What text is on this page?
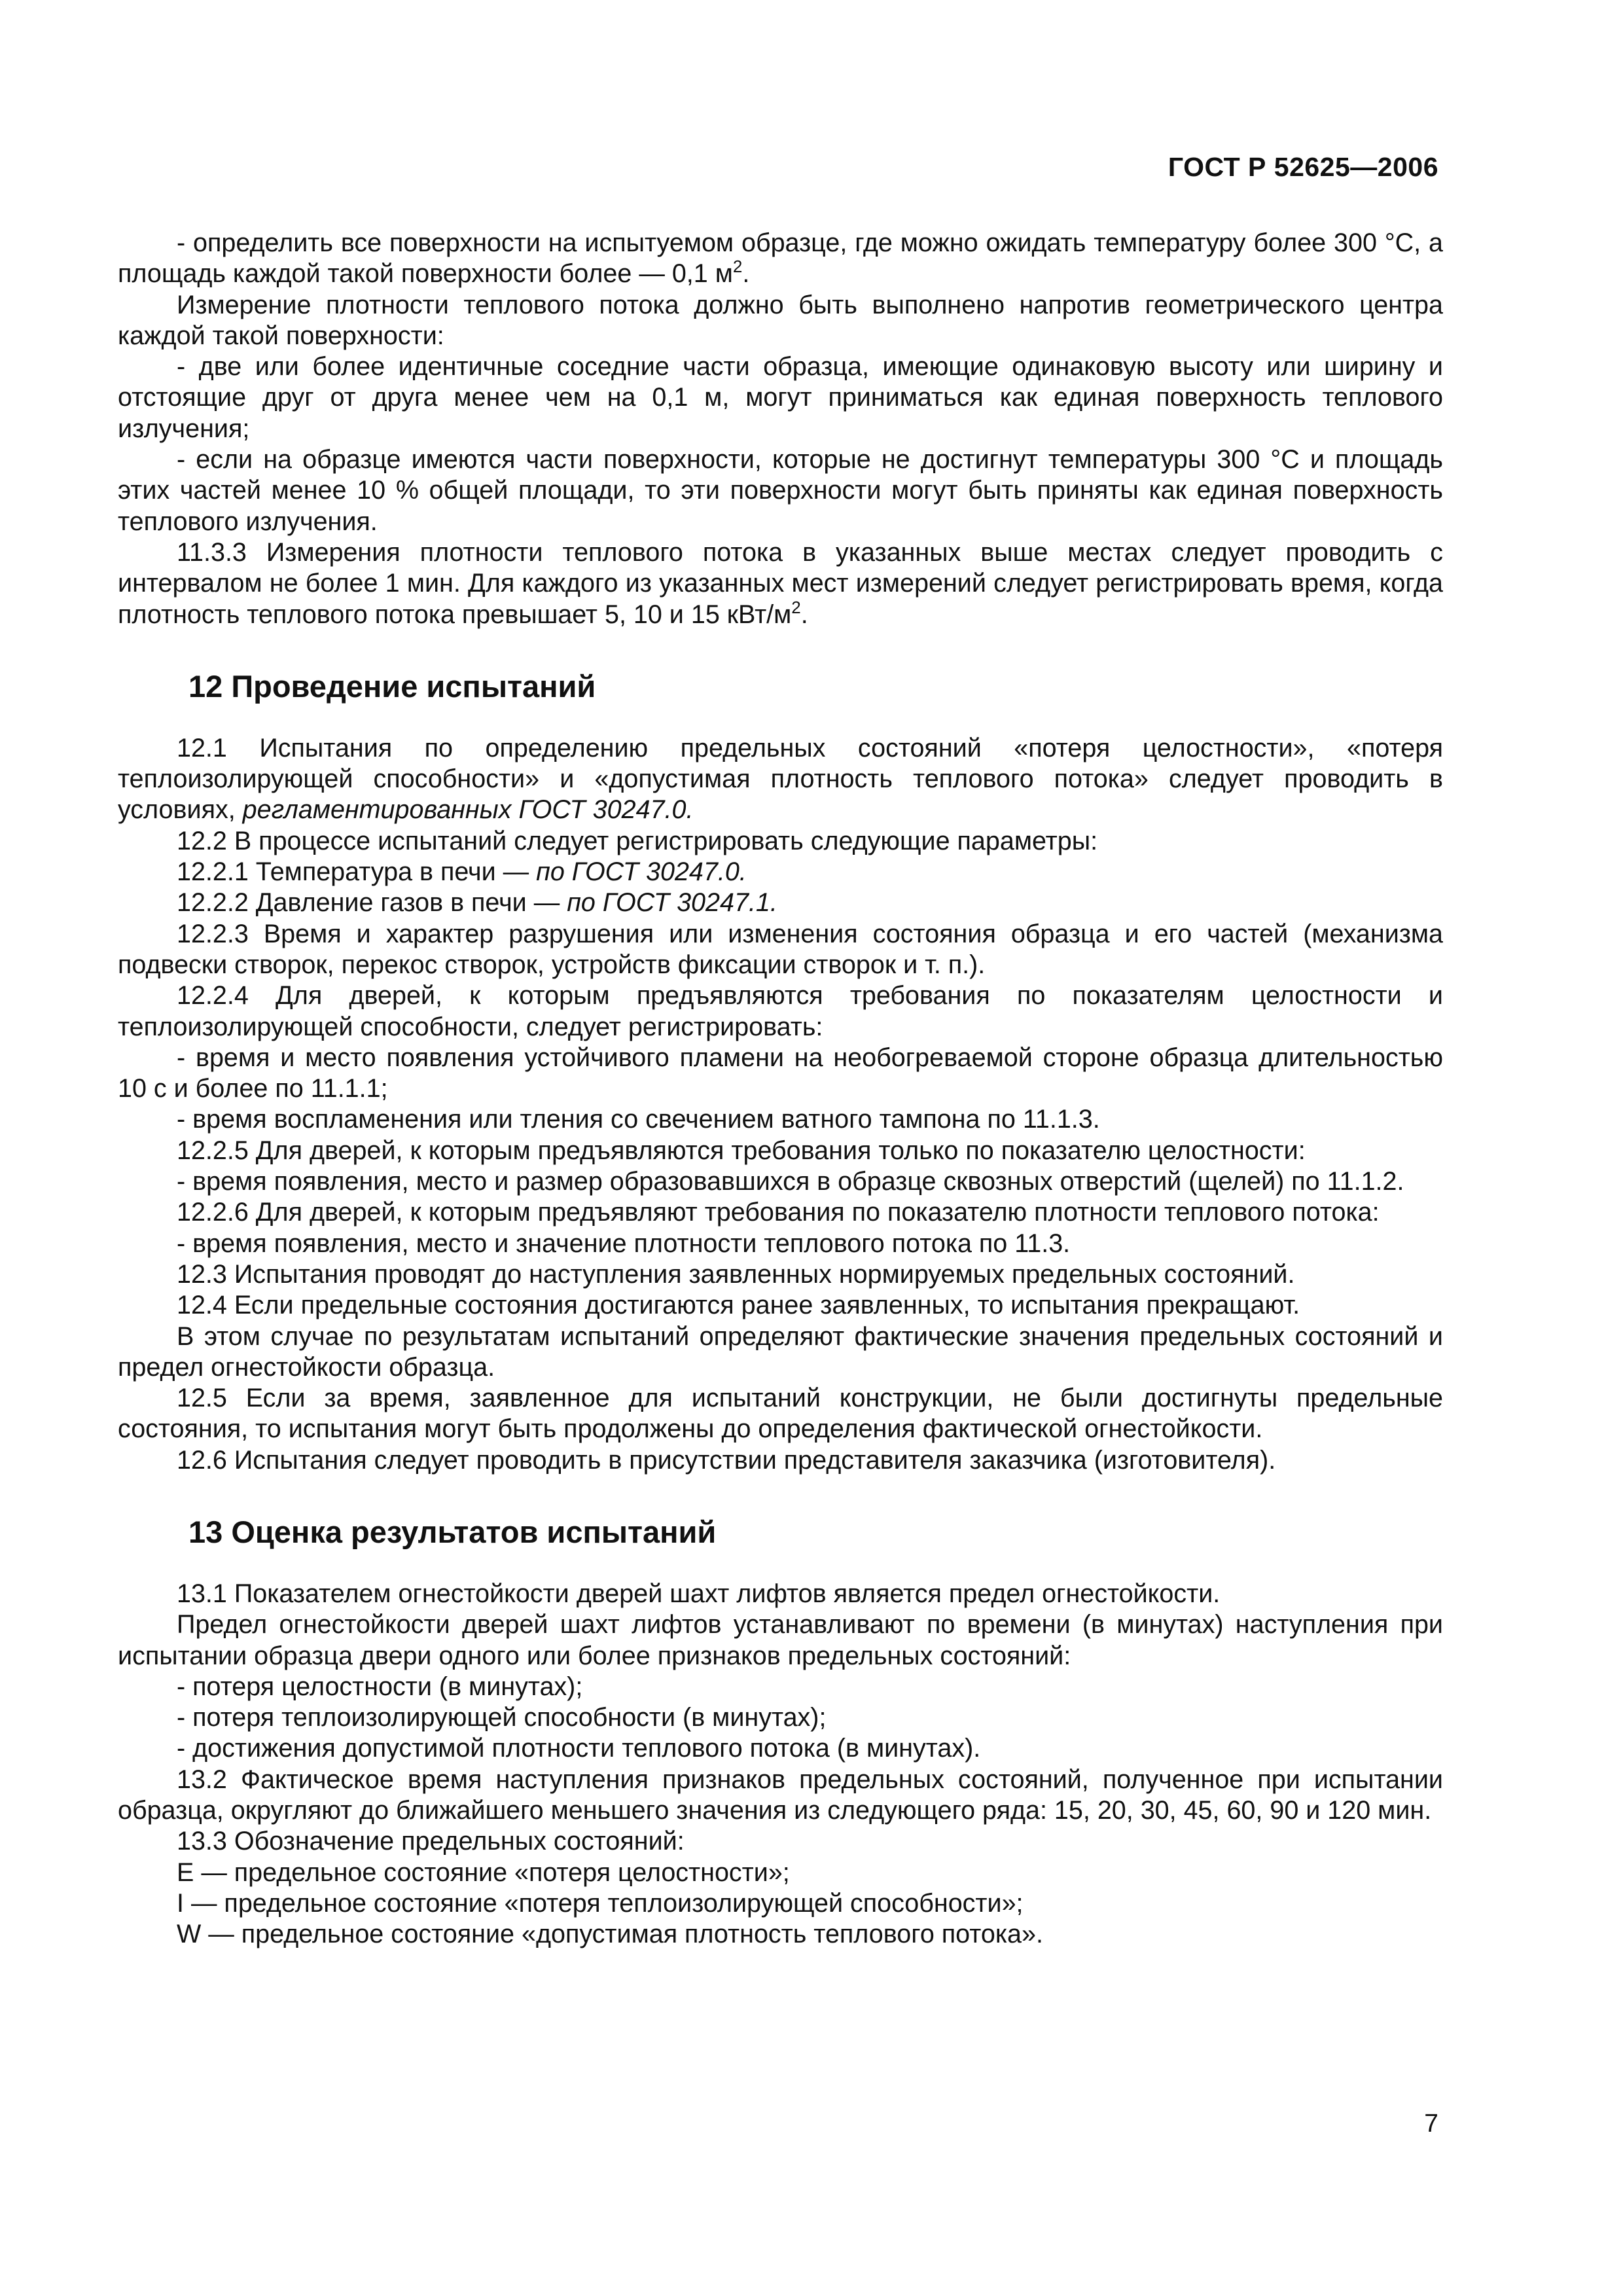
ГОСТ Р 52625—2006

- определить все поверхности на испытуемом образце, где можно ожидать температуру более 300 °С, а площадь каждой такой поверхности более — 0,1 $м^2$.

Измерение плотности теплового потока должно быть выполнено напротив геометрического центра каждой такой поверхности:

- две или более идентичные соседние части образца, имеющие одинаковую высоту или ширину и отстоящие друг от друга менее чем на 0,1 м, могут приниматься как единая поверхность теплового излучения;

- если на образце имеются части поверхности, которые не достигнут температуры 300 °С и площадь этих частей менее 10 % общей площади, то эти поверхности могут быть приняты как единая поверхность теплового излучения.

11.3.3 Измерения плотности теплового потока в указанных выше местах следует проводить с интервалом не более 1 мин. Для каждого из указанных мест измерений следует регистрировать время, когда плотность теплового потока превышает 5, 10 и 15 кВт/$м^2$.

12 Проведение испытаний

12.1 Испытания по определению предельных состояний «потеря целостности», «потеря теплоизолирующей способности» и «допустимая плотность теплового потока» следует проводить в условиях, регламентированных ГОСТ 30247.0.

12.2 В процессе испытаний следует регистрировать следующие параметры:

12.2.1 Температура в печи — по ГОСТ 30247.0.

12.2.2 Давление газов в печи — по ГОСТ 30247.1.

12.2.3 Время и характер разрушения или изменения состояния образца и его частей (механизма подвески створок, перекос створок, устройств фиксации створок и т. п.).

12.2.4 Для дверей, к которым предъявляются требования по показателям целостности и теплоизолирующей способности, следует регистрировать:

- время и место появления устойчивого пламени на необогреваемой стороне образца длительностью 10 с и более по 11.1.1;

- время воспламенения или тления со свечением ватного тампона по 11.1.3.

12.2.5 Для дверей, к которым предъявляются требования только по показателю целостности:

- время появления, место и размер образовавшихся в образце сквозных отверстий (щелей) по 11.1.2.

12.2.6 Для дверей, к которым предъявляют требования по показателю плотности теплового потока:

- время появления, место и значение плотности теплового потока по 11.3.

12.3 Испытания проводят до наступления заявленных нормируемых предельных состояний.

12.4 Если предельные состояния достигаются ранее заявленных, то испытания прекращают.

В этом случае по результатам испытаний определяют фактические значения предельных состояний и предел огнестойкости образца.

12.5 Если за время, заявленное для испытаний конструкции, не были достигнуты предельные состояния, то испытания могут быть продолжены до определения фактической огнестойкости.

12.6 Испытания следует проводить в присутствии представителя заказчика (изготовителя).

13 Оценка результатов испытаний

13.1 Показателем огнестойкости дверей шахт лифтов является предел огнестойкости.

Предел огнестойкости дверей шахт лифтов устанавливают по времени (в минутах) наступления при испытании образца двери одного или более признаков предельных состояний:

- потеря целостности (в минутах);

- потеря теплоизолирующей способности (в минутах);

- достижения допустимой плотности теплового потока (в минутах).

13.2 Фактическое время наступления признаков предельных состояний, полученное при испытании образца, округляют до ближайшего меньшего значения из следующего ряда: 15, 20, 30, 45, 60, 90 и 120 мин.

13.3 Обозначение предельных состояний:

E — предельное состояние «потеря целостности»;

I — предельное состояние «потеря теплоизолирующей способности»;

W — предельное состояние «допустимая плотность теплового потока».

7
